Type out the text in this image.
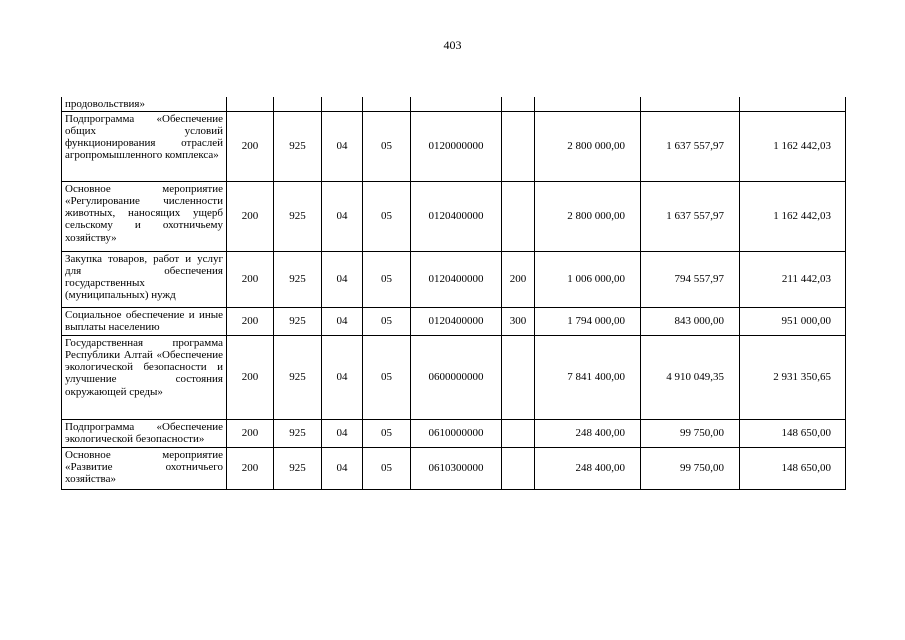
403
продовольствия»									
Подпрограмма «Обеспечение общих условий функционирования отраслей агропромышленного комплекса»	200	925	04	05	0120000000		2 800 000,00	1 637 557,97	1 162 442,03
Основное мероприятие «Регулирование численности животных, наносящих ущерб сельскому и охотничьему хозяйству»	200	925	04	05	0120400000		2 800 000,00	1 637 557,97	1 162 442,03
Закупка товаров, работ и услуг для обеспечения государственных (муниципальных) нужд	200	925	04	05	0120400000	200	1 006 000,00	794 557,97	211 442,03
Социальное обеспечение и иные выплаты населению	200	925	04	05	0120400000	300	1 794 000,00	843 000,00	951 000,00
Государственная программа Республики Алтай «Обеспечение экологической безопасности и улучшение состояния окружающей среды»	200	925	04	05	0600000000		7 841 400,00	4 910 049,35	2 931 350,65
Подпрограмма «Обеспечение экологической безопасности»	200	925	04	05	0610000000		248 400,00	99 750,00	148 650,00
Основное мероприятие «Развитие охотничьего хозяйства»	200	925	04	05	0610300000		248 400,00	99 750,00	148 650,00
